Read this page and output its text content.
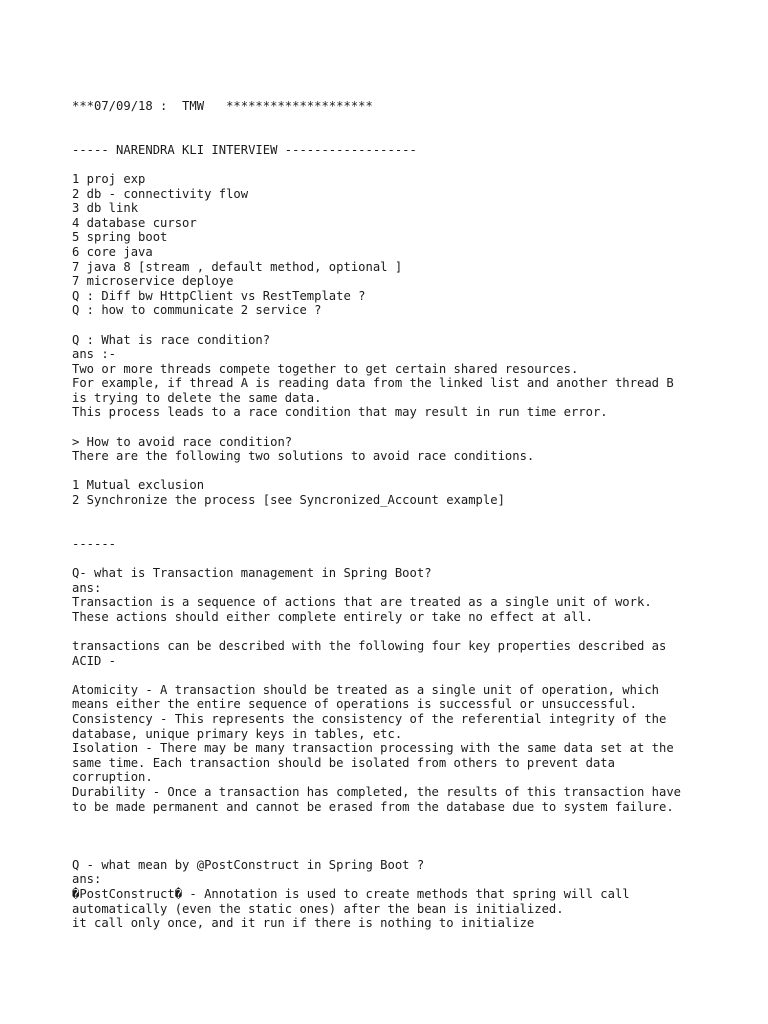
***07/09/18 :  TMW   ********************
----- NARENDRA KLI INTERVIEW ------------------
1 proj exp
2 db - connectivity flow
3 db link
4 database cursor
5 spring boot
6 core java
7 java 8 [stream , default method, optional ]
7 microservice deploye
Q : Diff bw HttpClient vs RestTemplate ?
Q : how to communicate 2 service ?
Q : What is race condition?
ans :-
Two or more threads compete together to get certain shared resources.
For example, if thread A is reading data from the linked list and another thread B
is trying to delete the same data.
This process leads to a race condition that may result in run time error.
> How to avoid race condition?
There are the following two solutions to avoid race conditions.
1 Mutual exclusion
2 Synchronize the process [see Syncronized_Account example]
------
Q- what is Transaction management in Spring Boot?
ans:
Transaction is a sequence of actions that are treated as a single unit of work.
These actions should either complete entirely or take no effect at all.
transactions can be described with the following four key properties described as
ACID -
Atomicity - A transaction should be treated as a single unit of operation, which
means either the entire sequence of operations is successful or unsuccessful.
Consistency - This represents the consistency of the referential integrity of the
database, unique primary keys in tables, etc.
Isolation - There may be many transaction processing with the same data set at the
same time. Each transaction should be isolated from others to prevent data
corruption.
Durability - Once a transaction has completed, the results of this transaction have
to be made permanent and cannot be erased from the database due to system failure.
Q - what mean by @PostConstruct in Spring Boot ?
ans:
�PostConstruct� - Annotation is used to create methods that spring will call
automatically (even the static ones) after the bean is initialized.
it call only once, and it run if there is nothing to initialize
